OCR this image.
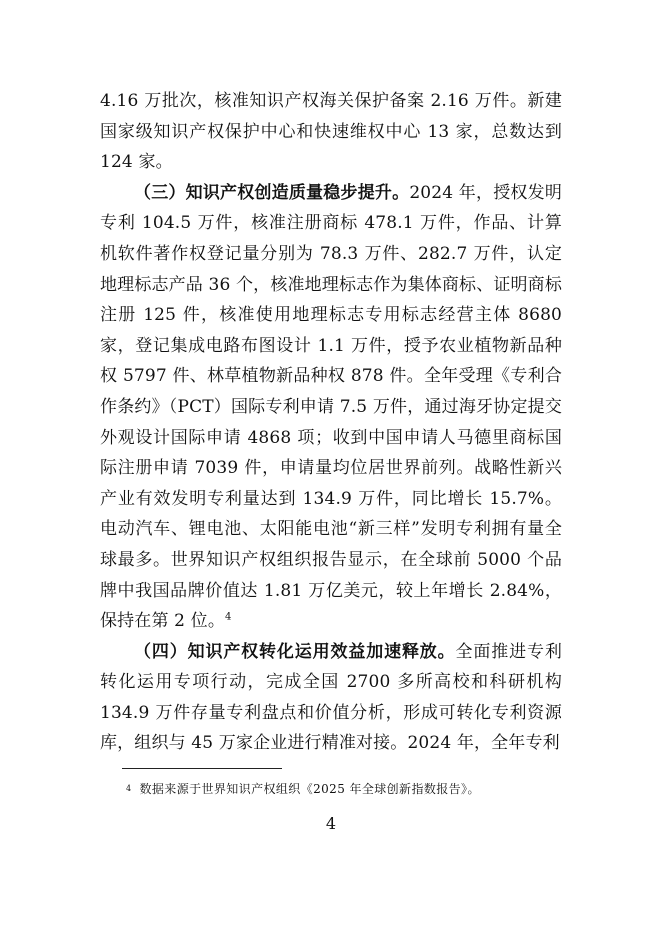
4.16 万批次，核准知识产权海关保护备案 2.16 万件。新建国家级知识产权保护中心和快速维权中心 13 家，总数达到 124 家。

（三）知识产权创造质量稳步提升。2024 年，授权发明专利 104.5 万件，核准注册商标 478.1 万件，作品、计算机软件著作权登记量分别为 78.3 万件、282.7 万件，认定地理标志产品 36 个，核准地理标志作为集体商标、证明商标注册 125 件，核准使用地理标志专用标志经营主体 8680 家，登记集成电路布图设计 1.1 万件，授予农业植物新品种权 5797 件、林草植物新品种权 878 件。全年受理《专利合作条约》（PCT）国际专利申请 7.5 万件，通过海牙协定提交外观设计国际申请 4868 项；收到中国申请人马德里商标国际注册申请 7039 件，申请量均位居世界前列。战略性新兴产业有效发明专利量达到 134.9 万件，同比增长 15.7%。电动汽车、锂电池、太阳能电池“新三样”发明专利拥有量全球最多。世界知识产权组织报告显示，在全球前 5000 个品牌中我国品牌价值达 1.81 万亿美元，较上年增长 2.84%，保持在第 2 位。$^4$

（四）知识产权转化运用效益加速释放。全面推进专利转化运用专项行动，完成全国 2700 多所高校和科研机构 134.9 万件存量专利盘点和价值分析，形成可转化专利资源库，组织与 45 万家企业进行精准对接。2024 年，全年专利

4 数据来源于世界知识产权组织《2025 年全球创新指数报告》。
4
